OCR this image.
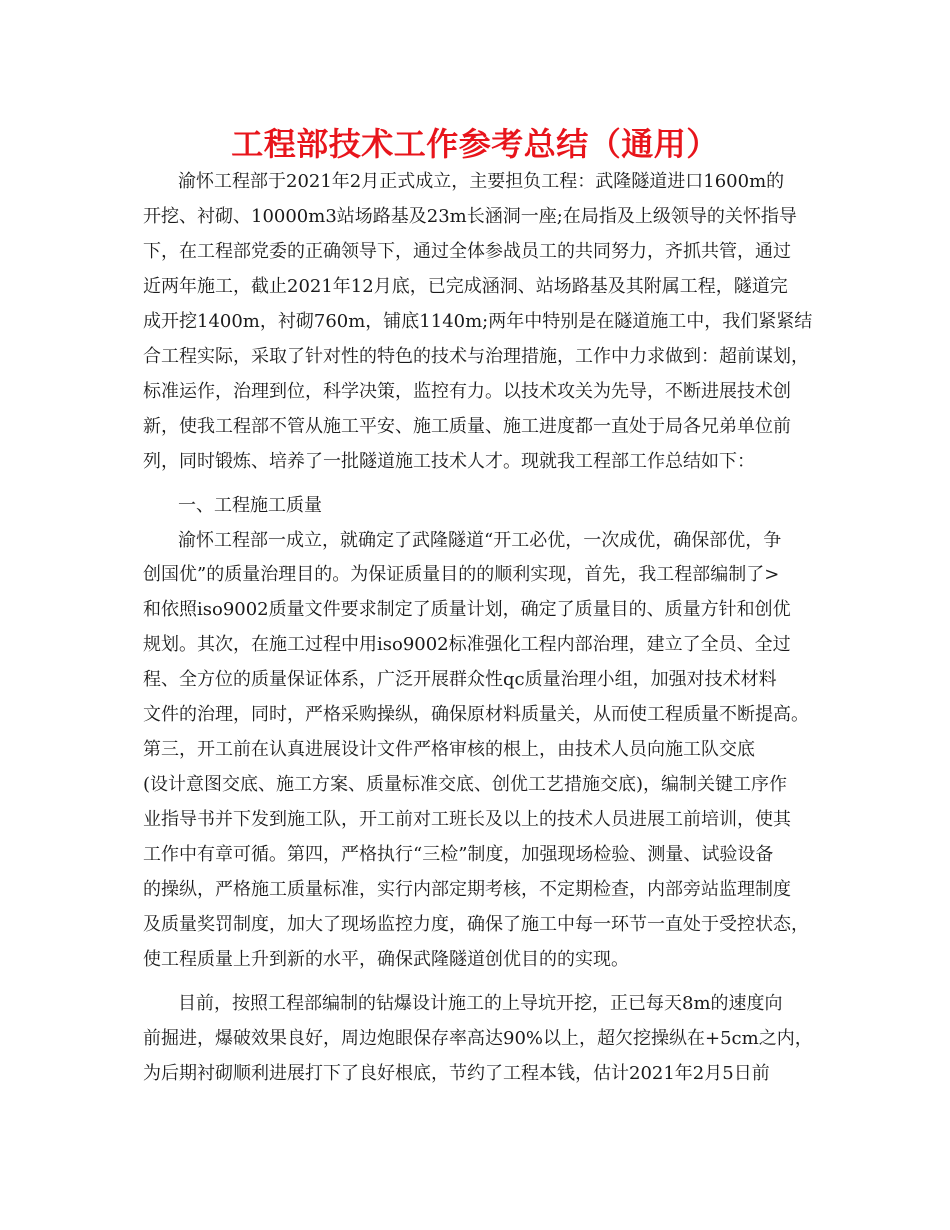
工程部技术工作参考总结（通用）
渝怀工程部于2021年2月正式成立，主要担负工程：武隆隧道进口1600m的
开挖、衬砌、10000m3站场路基及23m长涵洞一座;在局指及上级领导的关怀指导
下，在工程部党委的正确领导下，通过全体参战员工的共同努力，齐抓共管，通过
近两年施工，截止2021年12月底，已完成涵洞、站场路基及其附属工程，隧道完
成开挖1400m，衬砌760m，铺底1140m;两年中特别是在隧道施工中，我们紧紧结
合工程实际，采取了针对性的特色的技术与治理措施，工作中力求做到：超前谋划，
标准运作，治理到位，科学决策，监控有力。以技术攻关为先导，不断进展技术创
新，使我工程部不管从施工平安、施工质量、施工进度都一直处于局各兄弟单位前
列，同时锻炼、培养了一批隧道施工技术人才。现就我工程部工作总结如下：
一、工程施工质量
渝怀工程部一成立，就确定了武隆隧道“开工必优，一次成优，确保部优，争
创国优”的质量治理目的。为保证质量目的的顺利实现，首先，我工程部编制了>
和依照iso9002质量文件要求制定了质量计划，确定了质量目的、质量方针和创优
规划。其次，在施工过程中用iso9002标准强化工程内部治理，建立了全员、全过
程、全方位的质量保证体系，广泛开展群众性qc质量治理小组，加强对技术材料
文件的治理，同时，严格采购操纵，确保原材料质量关，从而使工程质量不断提高。
第三，开工前在认真进展设计文件严格审核的根上，由技术人员向施工队交底
(设计意图交底、施工方案、质量标准交底、创优工艺措施交底)，编制关键工序作
业指导书并下发到施工队，开工前对工班长及以上的技术人员进展工前培训，使其
工作中有章可循。第四，严格执行“三检”制度，加强现场检验、测量、试验设备
的操纵，严格施工质量标准，实行内部定期考核，不定期检查，内部旁站监理制度
及质量奖罚制度，加大了现场监控力度，确保了施工中每一环节一直处于受控状态，
使工程质量上升到新的水平，确保武隆隧道创优目的的实现。
目前，按照工程部编制的钻爆设计施工的上导坑开挖，正已每天8m的速度向
前掘进，爆破效果良好，周边炮眼保存率高达90%以上，超欠挖操纵在+5cm之内，
为后期衬砌顺利进展打下了良好根底，节约了工程本钱，估计2021年2月5日前
